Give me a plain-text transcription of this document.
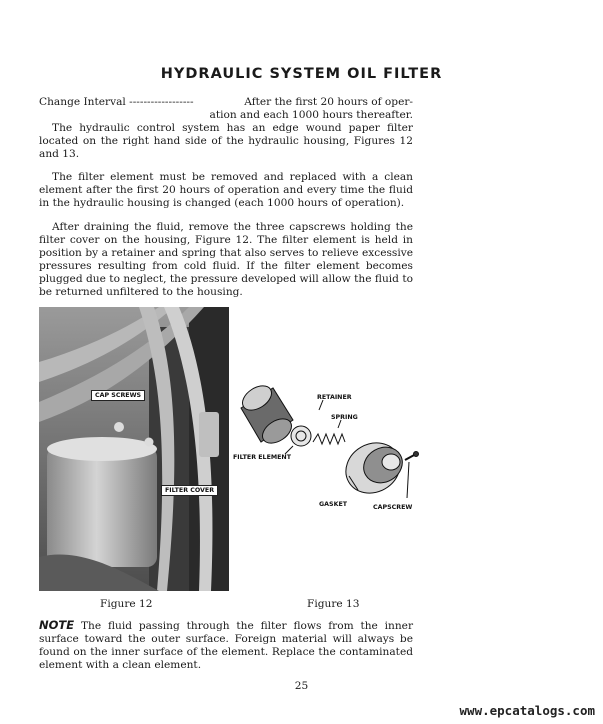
HYDRAULIC SYSTEM OIL FILTER
Change Interval ------------------	After the first 20 hours of oper-
ation and each 1000 hours thereafter.

The hydraulic control system has an edge wound paper filter located on the right hand side of the hydraulic housing, Figures 12 and 13.

The filter element must be removed and replaced with a clean element after the first 20 hours of operation and every time the fluid in the hydraulic housing is changed (each 1000 hours of operation).

After draining the fluid, remove the three capscrews holding the filter cover on the housing, Figure 12. The filter element is held in position by a retainer and spring that also serves to relieve excessive pressures resulting from cold fluid. If the filter element becomes plugged due to neglect, the pressure developed will allow the fluid to be returned unfiltered to the housing.

CAP SCREWS
FILTER COVER
RETAINER
SPRING
FILTER ELEMENT
GASKET	CAPSCREW
Figure 12	Figure 13

NOTE The fluid passing through the filter flows from the inner surface toward the outer surface. Foreign material will always be found on the inner surface of the element. Replace the contaminated element with a clean element.

25
www.epcatalogs.com
